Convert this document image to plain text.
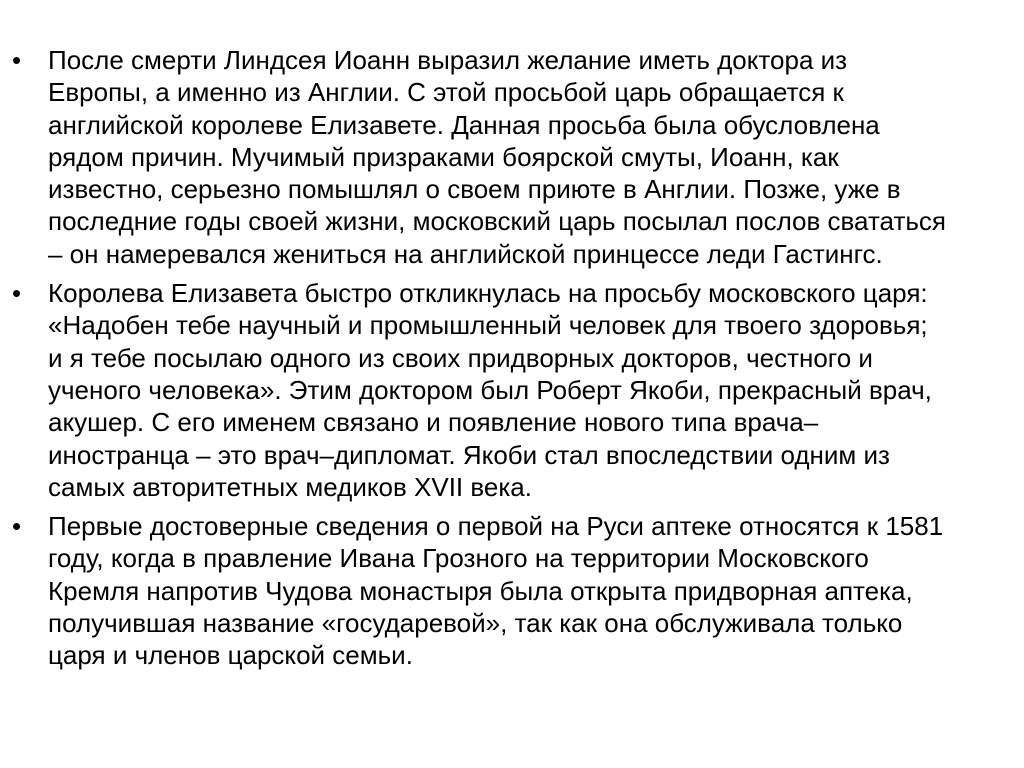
•	После смерти Линдсея Иоанн выразил желание иметь доктора из
Европы, а именно из Англии. С этой просьбой царь обращается к
английской королеве Елизавете. Данная просьба была обусловлена
рядом причин. Мучимый призраками боярской смуты, Иоанн, как
известно, серьезно помышлял о своем приюте в Англии. Позже, уже в
последние годы своей жизни, московский царь посылал послов свататься
– он намеревался жениться на английской принцессе леди Гастингс.
•	Королева Елизавета быстро откликнулась на просьбу московского царя:
«Надобен тебе научный и промышленный человек для твоего здоровья;
и я тебе посылаю одного из своих придворных докторов, честного и
ученого человека». Этим доктором был Роберт Якоби, прекрасный врач,
акушер. С его именем связано и появление нового типа врача–
иностранца – это врач–дипломат. Якоби стал впоследствии одним из
самых авторитетных медиков XVII века.
•	Первые достоверные сведения о первой на Руси аптеке относятся к 1581
году, когда в правление Ивана Грозного на территории Московского
Кремля напротив Чудова монастыря была открыта придворная аптека,
получившая название «государевой», так как она обслуживала только
царя и членов царской семьи.
